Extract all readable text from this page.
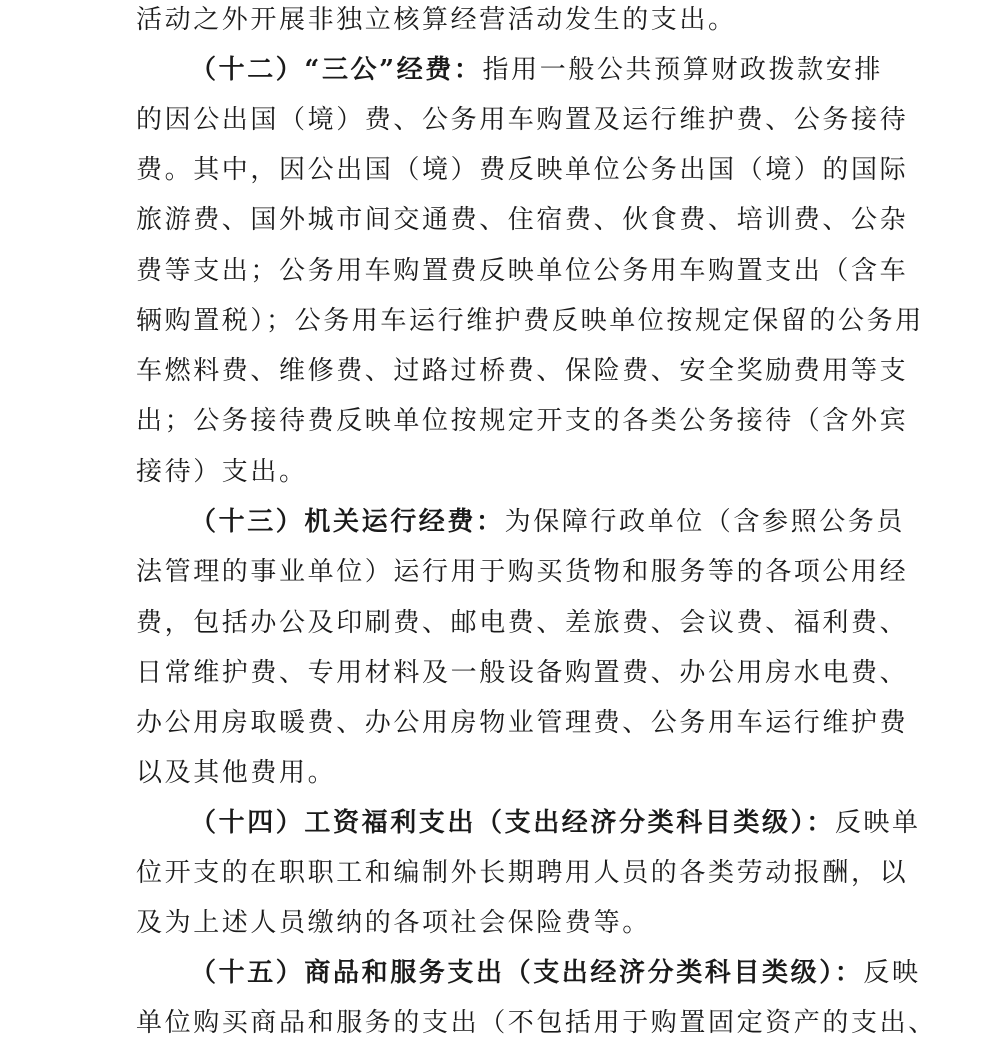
活动之外开展非独立核算经营活动发生的支出。
（十二）“三公”经费：指用一般公共预算财政拨款安排
的因公出国（境）费、公务用车购置及运行维护费、公务接待
费。其中，因公出国（境）费反映单位公务出国（境）的国际
旅游费、国外城市间交通费、住宿费、伙食费、培训费、公杂
费等支出；公务用车购置费反映单位公务用车购置支出（含车
辆购置税）；公务用车运行维护费反映单位按规定保留的公务用
车燃料费、维修费、过路过桥费、保险费、安全奖励费用等支
出；公务接待费反映单位按规定开支的各类公务接待（含外宾
接待）支出。
（十三）机关运行经费：为保障行政单位（含参照公务员
法管理的事业单位）运行用于购买货物和服务等的各项公用经
费，包括办公及印刷费、邮电费、差旅费、会议费、福利费、
日常维护费、专用材料及一般设备购置费、办公用房水电费、
办公用房取暖费、办公用房物业管理费、公务用车运行维护费
以及其他费用。
（十四）工资福利支出（支出经济分类科目类级）：反映单
位开支的在职职工和编制外长期聘用人员的各类劳动报酬，以
及为上述人员缴纳的各项社会保险费等。
（十五）商品和服务支出（支出经济分类科目类级）：反映
单位购买商品和服务的支出（不包括用于购置固定资产的支出、
